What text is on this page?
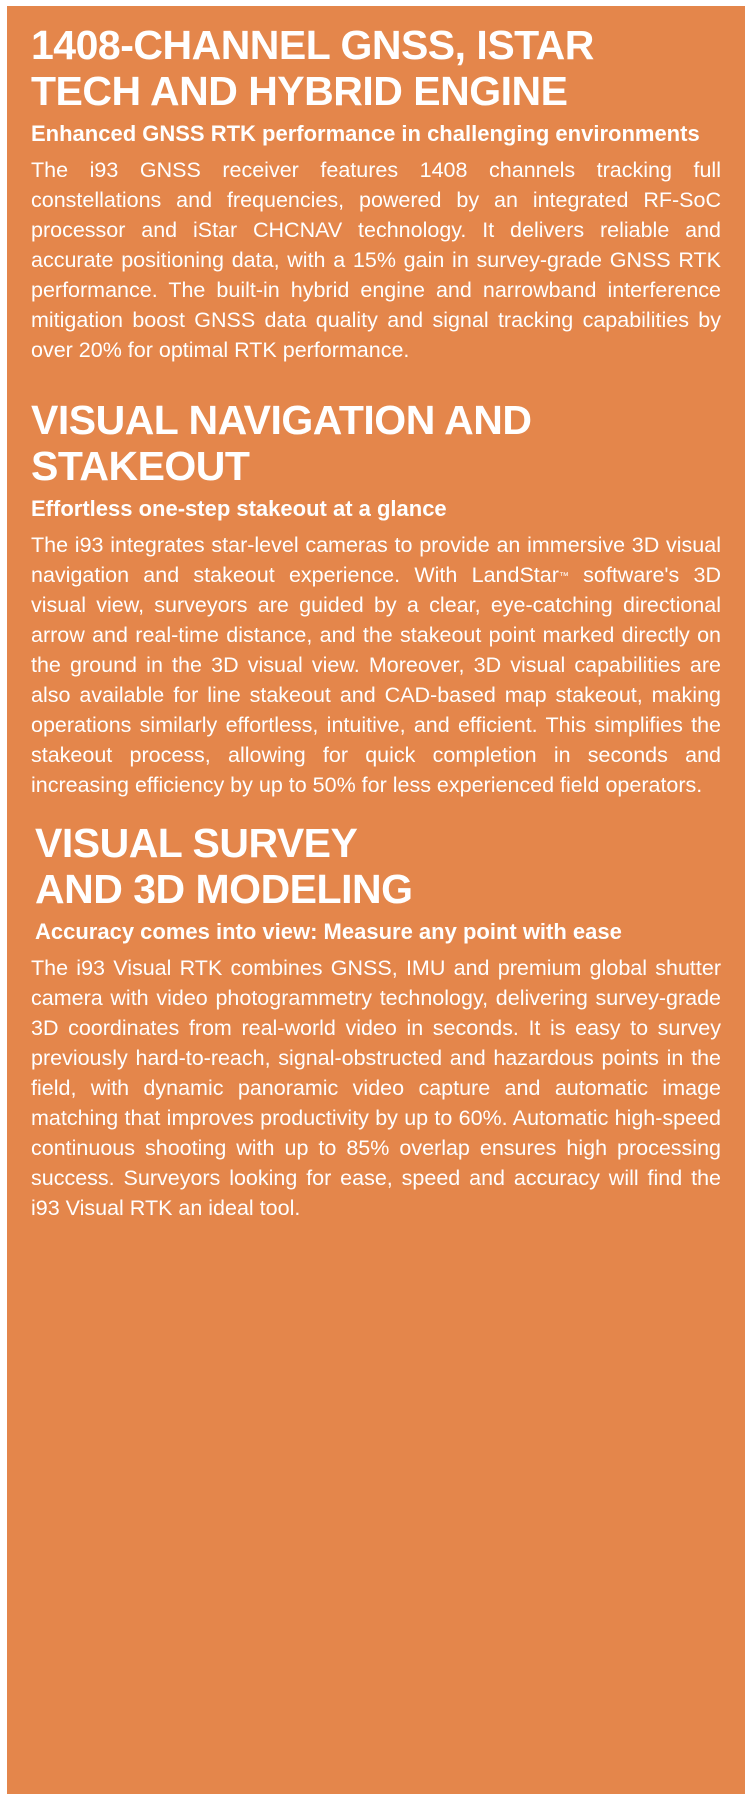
1408-CHANNEL GNSS, ISTAR
TECH AND HYBRID ENGINE
Enhanced GNSS RTK performance in challenging environments

The i93 GNSS receiver features 1408 channels tracking full constellations and frequencies, powered by an integrated RF-SoC processor and iStar CHCNAV technology. It delivers reliable and accurate positioning data, with a 15% gain in survey-grade GNSS RTK performance. The built-in hybrid engine and narrowband interference mitigation boost GNSS data quality and signal tracking capabilities by over 20% for optimal RTK performance.

VISUAL NAVIGATION AND
STAKEOUT
Effortless one-step stakeout at a glance

The i93 integrates star-level cameras to provide an immersive 3D visual navigation and stakeout experience. With LandStar™ software's 3D visual view, surveyors are guided by a clear, eye-catching directional arrow and real-time distance, and the stakeout point marked directly on the ground in the 3D visual view. Moreover, 3D visual capabilities are also available for line stakeout and CAD-based map stakeout, making operations similarly effortless, intuitive, and efficient. This simplifies the stakeout process, allowing for quick completion in seconds and increasing efficiency by up to 50% for less experienced field operators.

VISUAL SURVEY
AND 3D MODELING
Accuracy comes into view: Measure any point with ease

The i93 Visual RTK combines GNSS, IMU and premium global shutter camera with video photogrammetry technology, delivering survey-grade 3D coordinates from real-world video in seconds. It is easy to survey previously hard-to-reach, signal-obstructed and hazardous points in the field, with dynamic panoramic video capture and automatic image matching that improves productivity by up to 60%. Automatic high-speed continuous shooting with up to 85% overlap ensures high processing success. Surveyors looking for ease, speed and accuracy will find the i93 Visual RTK an ideal tool.
